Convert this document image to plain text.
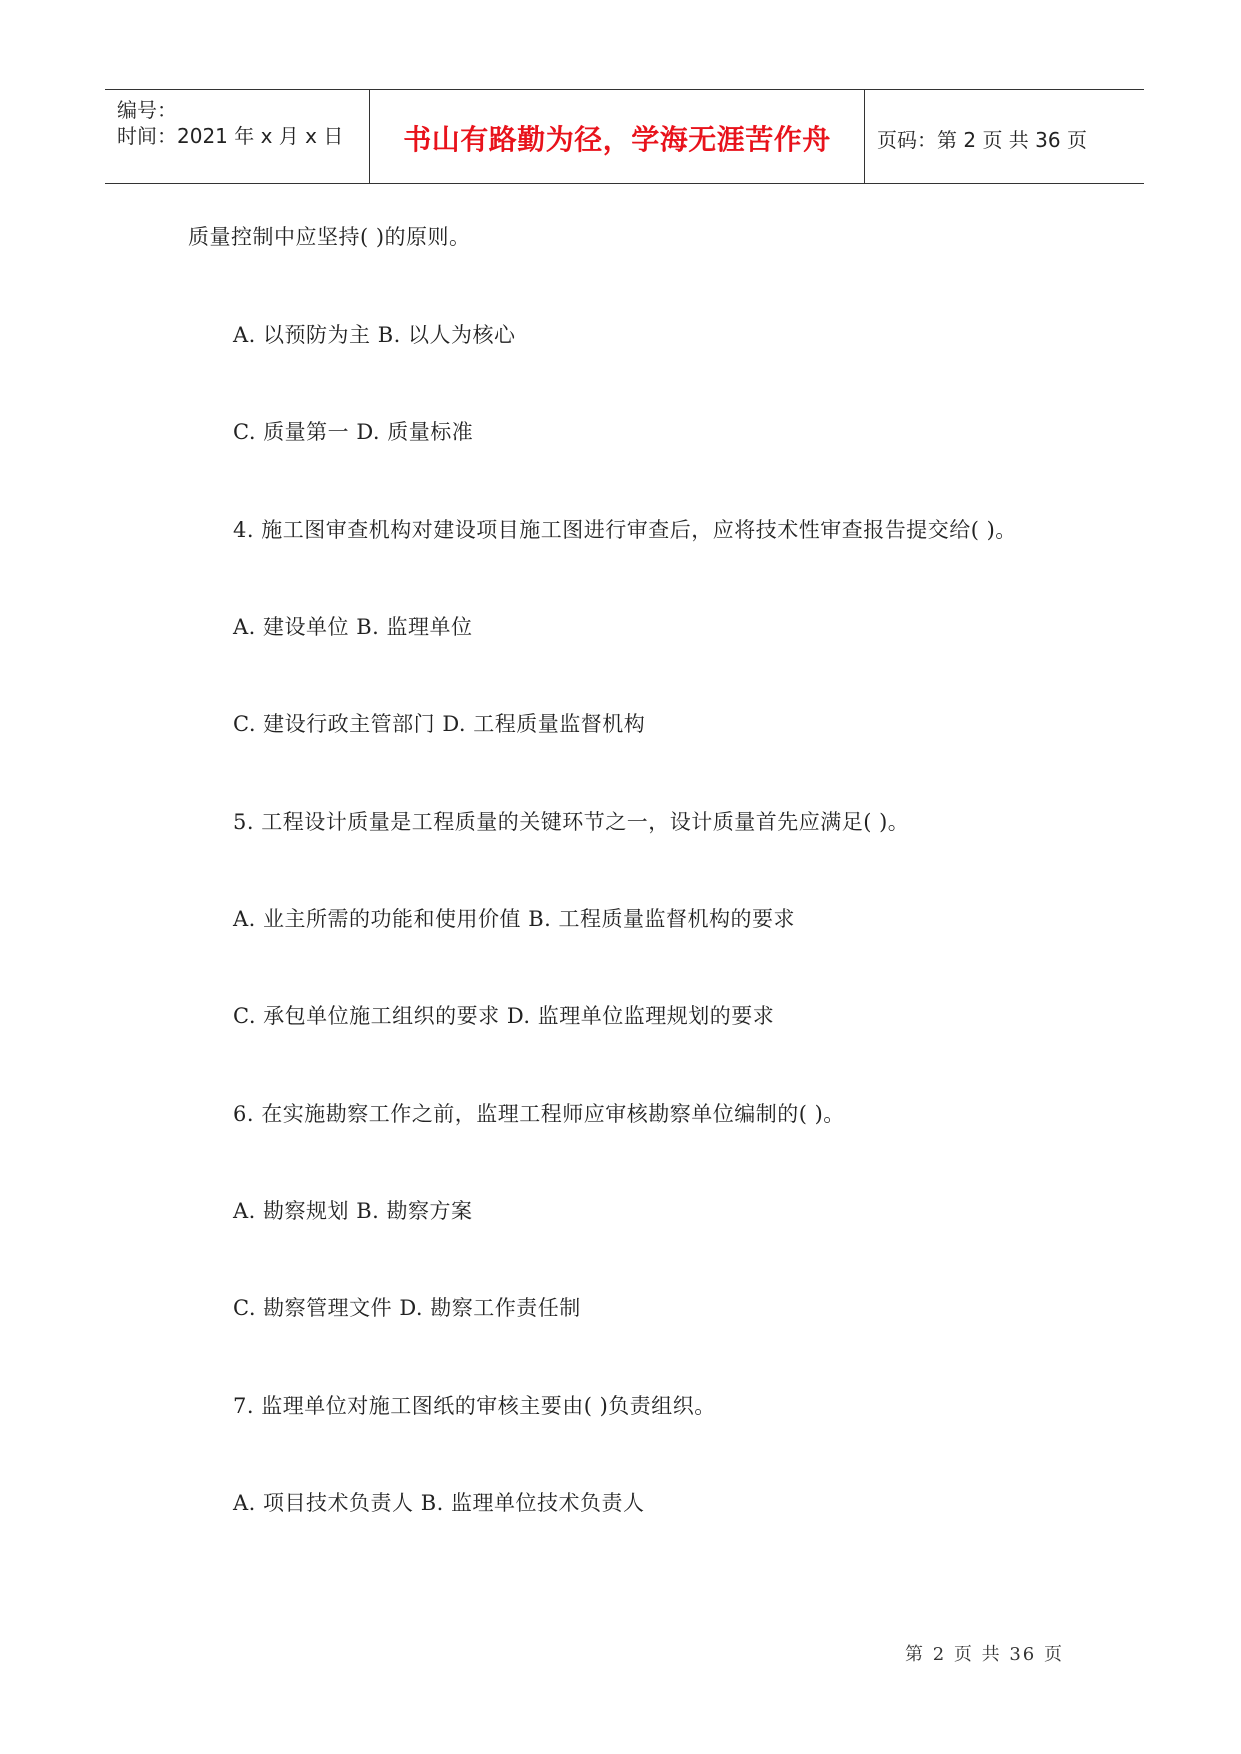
编号：
时间：2021 年 x 月 x 日	书山有路勤为径，学海无涯苦作舟	页码：第 2 页 共 36 页
质量控制中应坚持( )的原则。
A. 以预防为主 B. 以人为核心
C. 质量第一 D. 质量标准
4. 施工图审查机构对建设项目施工图进行审查后，应将技术性审查报告提交给( )。
A. 建设单位 B. 监理单位
C. 建设行政主管部门 D. 工程质量监督机构
5. 工程设计质量是工程质量的关键环节之一，设计质量首先应满足( )。
A. 业主所需的功能和使用价值 B. 工程质量监督机构的要求
C. 承包单位施工组织的要求 D. 监理单位监理规划的要求
6. 在实施勘察工作之前，监理工程师应审核勘察单位编制的( )。
A. 勘察规划 B. 勘察方案
C. 勘察管理文件 D. 勘察工作责任制
7. 监理单位对施工图纸的审核主要由( )负责组织。
A. 项目技术负责人 B. 监理单位技术负责人
第 2 页 共 36 页
